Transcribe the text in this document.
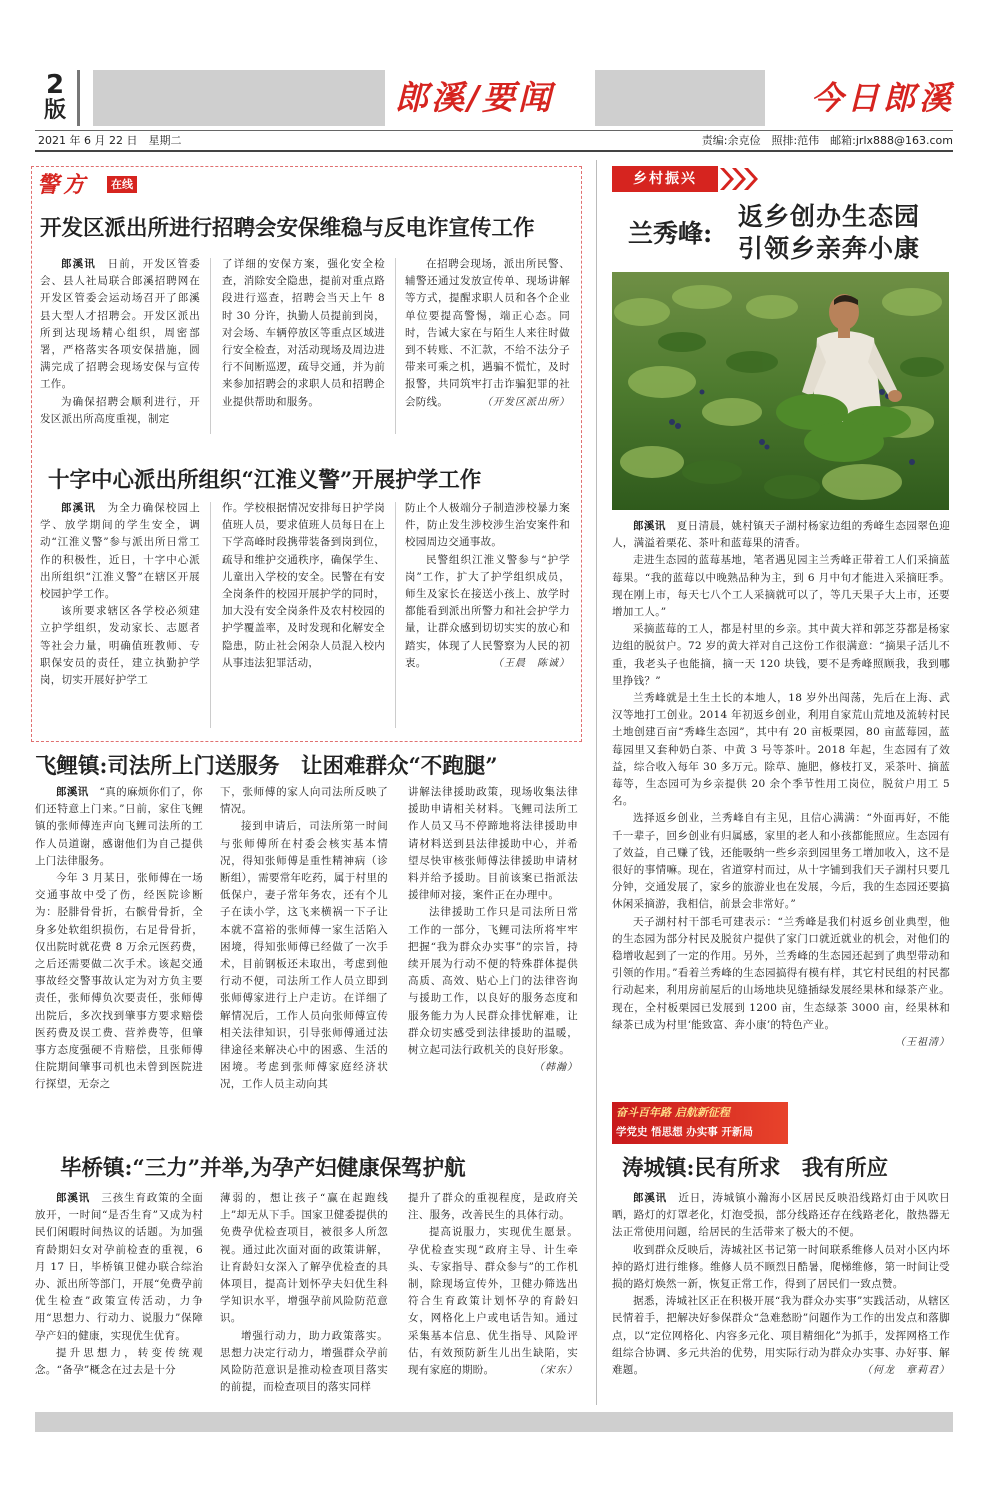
2
版	郎溪/要闻	今日郎溪
2021 年 6 月 22 日　星期二	责编:余克俭　照排:范伟　邮箱:jrlx888@163.com
警方	在线
开发区派出所进行招聘会安保维稳与反电诈宣传工作

郎溪讯　 日前，开发区管委会、县人社局联合郎溪招聘网在开发区管委会运动场召开了郎溪县大型人才招聘会。开发区派出所到达现场精心组织，周密部署，严格落实各项安保措施，圆满完成了招聘会现场安保与宣传工作。

为确保招聘会顺利进行，开发区派出所高度重视，制定

了详细的安保方案，强化安全检查，消除安全隐患，提前对重点路段进行巡查，招聘会当天上午 8 时 30 分许，执勤人员提前到岗，对会场、车辆停放区等重点区域进行安全检查，对活动现场及周边进行不间断巡逻，疏导交通，并为前来参加招聘会的求职人员和招聘企业提供帮助和服务。

在招聘会现场，派出所民警、辅警还通过发放宣传单、现场讲解等方式，提醒求职人员和各个企业单位要提高警惕，端正心态。同时，告诫大家在与陌生人来往时做到不转账、不汇款，不给不法分子带来可乘之机，遇骗不慌忙，及时报警，共同筑牢打击诈骗犯罪的社会防线。	（开发区派出所）
十字中心派出所组织“江淮义警”开展护学工作

郎溪讯　 为全力确保校园上学、放学期间的学生安全，调动“江淮义警”参与派出所日常工作的积极性，近日，十字中心派出所组织“江淮义警”在辖区开展校园护学工作。

该所要求辖区各学校必须建立护学组织，发动家长、志愿者等社会力量，明确值班教师、专职保安员的责任，建立执勤护学岗，切实开展好护学工

作。学校根据情况安排每日护学岗值班人员，要求值班人员每日在上下学高峰时段携带装备到岗到位，疏导和维护交通秩序，确保学生、儿童出入学校的安全。民警在有安全岗条件的校园开展护学的同时，加大没有安全岗条件及农村校园的护学覆盖率，及时发现和化解安全隐患，防止社会闲杂人员混入校内从事违法犯罪活动，

防止个人极端分子制造涉校暴力案件，防止发生涉校涉生治安案件和校园周边交通事故。

民警组织江淮义警参与“护学岗”工作，扩大了护学组织成员，师生及家长在接送小孩上、放学时都能看到派出所警力和社会护学力量，让群众感到切切实实的放心和踏实，体现了人民警察为人民的初衷。	（王晨　陈诚）
飞鲤镇:司法所上门送服务　让困难群众“不跑腿”

郎溪讯　 “真的麻烦你们了，你们还特意上门来。”日前，家住飞鲤镇的张师傅连声向飞鲤司法所的工作人员道谢，感谢他们为自己提供上门法律服务。

今年 3 月某日，张师傅在一场交通事故中受了伤，经医院诊断为：胫腓骨骨折，右髌骨骨折，全身多处软组织损伤，右足骨骨折，仅出院时就花费 8 万余元医药费，之后还需要做二次手术。该起交通事故经交警事故认定为对方负主要责任，张师傅负次要责任，张师傅出院后，多次找到肇事方要求赔偿医药费及误工费、营养费等，但肇事方态度强硬不肯赔偿，且张师傅住院期间肇事司机也未曾到医院进行探望，无奈之

下，张师傅的家人向司法所反映了情况。

接到申请后，司法所第一时间与张师傅所在村委会核实基本情况，得知张师傅是重性精神病（诊断组），需要常年吃药，属于村里的低保户，妻子常年务农，还有个儿子在读小学，这飞来横祸一下子让本就不富裕的张师傅一家生活陷入困境，得知张师傅已经做了一次手术，目前钢板还未取出，考虑到他行动不便，司法所工作人员立即到张师傅家进行上户走访。在详细了解情况后，工作人员向张师傅宣传相关法律知识，引导张师傅通过法律途径来解决心中的困惑、生活的困境。考虑到张师傅家庭经济状况，工作人员主动向其

讲解法律援助政策，现场收集法律援助申请相关材料。飞鲤司法所工作人员又马不停蹄地将法律援助申请材料送到县法律援助中心，并希望尽快审核张师傅法律援助申请材料并给予援助。目前该案已指派法援律师对接，案件正在办理中。

法律援助工作只是司法所日常工作的一部分，飞鲤司法所将牢牢把握“我为群众办实事”的宗旨，持续开展为行动不便的特殊群体提供高质、高效、贴心上门的法律咨询与援助工作，以良好的服务态度和服务能力为人民群众排忧解难，让群众切实感受到法律援助的温暖，树立起司法行政机关的良好形象。

（韩瀚）
毕桥镇:“三力”并举,为孕产妇健康保驾护航

郎溪讯　 三孩生育政策的全面放开，一时间“是否生育”又成为村民们闲暇时间热议的话题。为加强育龄期妇女对孕前检查的重视，6 月 17 日，毕桥镇卫健办联合综治办、派出所等部门，开展“免费孕前优生检查”政策宣传活动，力争用“思想力、行动力、说服力”保障孕产妇的健康，实现优生优育。

提升思想力，转变传统观念。“备孕”概念在过去是十分

薄弱的，想让孩子“赢在起跑线上”却无从下手。国家卫健委提供的免费孕优检查项目，被很多人所忽视。通过此次面对面的政策讲解，让育龄妇女深入了解孕优检查的具体项目，提高计划怀孕夫妇优生科学知识水平，增强孕前风险防范意识。

增强行动力，助力政策落实。思想力决定行动力，增强群众孕前风险防范意识是推动检查项目落实的前提，而检查项目的落实同样

提升了群众的重视程度，是政府关注、服务，改善民生的具体行动。

提高说服力，实现优生愿景。孕优检查实现“政府主导、计生牵头、专家指导、群众参与”的工作机制，除现场宣传外，卫健办筛选出符合生育政策计划怀孕的育龄妇女，网格化上户或电话告知。通过采集基本信息、优生指导、风险评估，有效预防新生儿出生缺陷，实现有家庭的期盼。	（宋东）
乡村振兴
兰秀峰:
返乡创办生态园
引领乡亲奔小康

郎溪讯　 夏日清晨，姚村镇天子湖村杨家边组的秀峰生态园翠色迎人，满溢着栗花、茶叶和蓝莓果的清香。

走进生态园的蓝莓基地，笔者遇见园主兰秀峰正带着工人们采摘蓝莓果。“我的蓝莓以中晚熟品种为主，到 6 月中旬才能进入采摘旺季。现在刚上市，每天七八个工人采摘就可以了，等几天果子大上市，还要增加工人。”

采摘蓝莓的工人，都是村里的乡亲。其中黄大祥和郭芝芬都是杨家边组的脱贫户。72 岁的黄大祥对自己这份工作很满意：“摘果子活儿不重，我老头子也能摘，摘一天 120 块钱，要不是秀峰照顾我，我到哪里挣钱？”

兰秀峰就是土生土长的本地人，18 岁外出闯荡，先后在上海、武汉等地打工创业。2014 年初返乡创业，利用自家荒山荒地及流转村民土地创建百亩“秀峰生态园”，其中有 20 亩板栗园，80 亩蓝莓园，蓝莓园里又套种奶白茶、中黄 3 号等茶叶。2018 年起，生态园有了效益，综合收入每年 30 多万元。除草、施肥，修枝打叉，采茶叶、摘蓝莓等，生态园可为乡亲提供 20 余个季节性用工岗位，脱贫户用工 5 名。

选择返乡创业，兰秀峰自有主见，且信心满满：“外面再好，不能千一辈子，回乡创业有归属感，家里的老人和小孩都能照应。生态园有了效益，自己赚了钱，还能吸纳一些乡亲到园里务工增加收入，这不是很好的事情嘛。现在，省道穿村而过，从十字铺到我们天子湖村只要几分钟，交通发展了，家乡的旅游业也在发展，今后，我的生态园还要搞休闲采摘游，我相信，前景会非常好。”

天子湖村村干部毛可建表示：“兰秀峰是我们村返乡创业典型，他的生态园为部分村民及脱贫户提供了家门口就近就业的机会，对他们的稳增收起到了一定的作用。另外，兰秀峰的生态园还起到了典型带动和引领的作用。”看着兰秀峰的生态园搞得有模有样，其它村民组的村民都行动起来，利用房前屋后的山场地块见缝插绿发展经果林和绿茶产业。现在，全村板栗园已发展到 1200 亩，生态绿茶 3000 亩，经果林和绿茶已成为村里‘能致富、奔小康’的特色产业。

（王祖清）
奋斗百年路 启航新征程
学党史 悟思想 办实事 开新局
涛城镇:民有所求　我有所应

郎溪讯　 近日，涛城镇小瀚海小区居民反映沿线路灯由于风吹日晒，路灯的灯罩老化，灯泡受损，部分线路还存在线路老化，散热器无法正常使用问题，给居民的生活带来了极大的不便。

收到群众反映后，涛城社区书记第一时间联系维修人员对小区内坏掉的路灯进行维修。维修人员不顾烈日酷暑，爬梯维修，第一时间让受损的路灯焕然一新，恢复正常工作，得到了居民们一致点赞。

据悉，涛城社区正在积极开展“我为群众办实事”实践活动，从辖区民情着手，把解决好参保群众“急难愁盼”问题作为工作的出发点和落脚点，以“定位网格化、内容多元化、项目精细化”为抓手，发挥网格工作组综合协调、多元共治的优势，用实际行动为群众办实事、办好事、解难题。	（何龙　章莉君）
